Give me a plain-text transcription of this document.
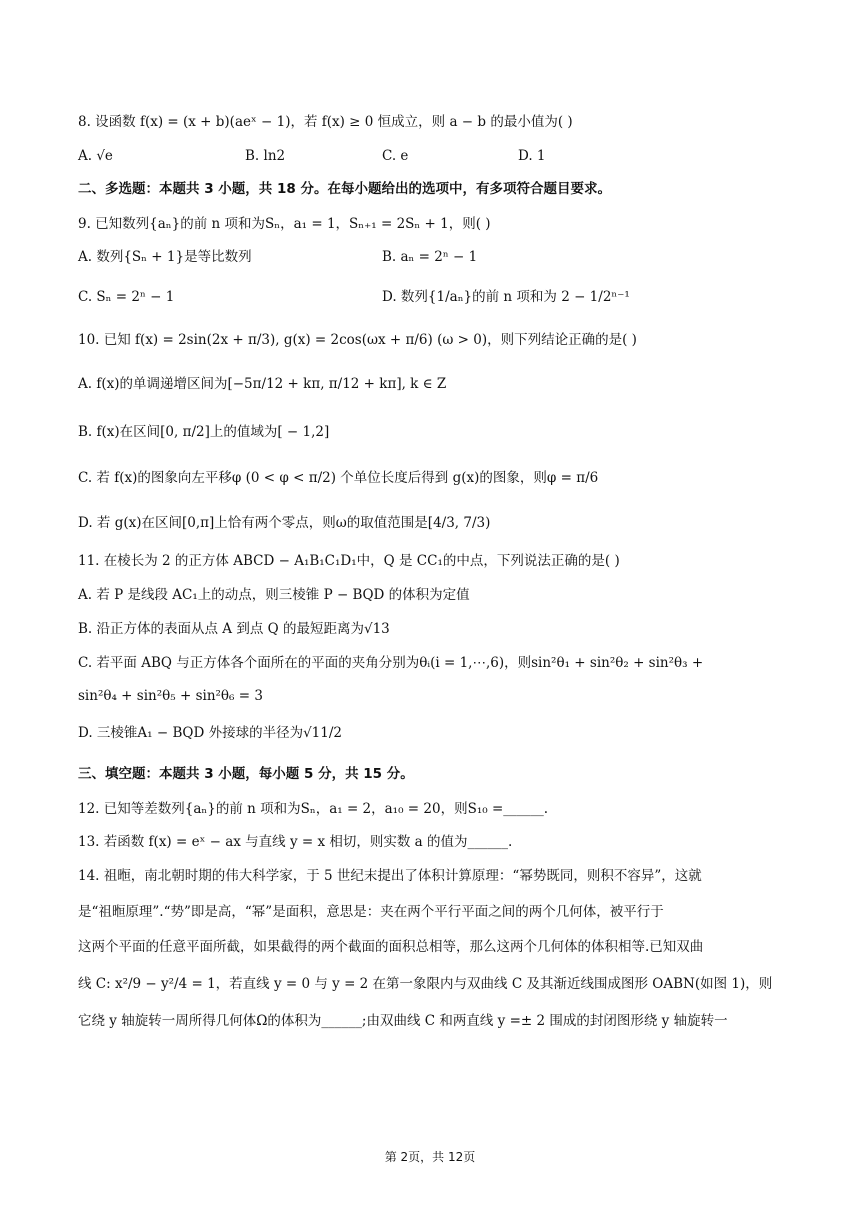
8. 设函数 f(x) = (x + b)(aeˣ − 1)，若 f(x) ≥ 0 恒成立，则 a − b 的最小值为( )
A. √e	B. ln2	C. e	D. 1
二、多选题：本题共 3 小题，共 18 分。在每小题给出的选项中，有多项符合题目要求。
9. 已知数列{aₙ}的前 n 项和为Sₙ，a₁ = 1，Sₙ₊₁ = 2Sₙ + 1，则( )
A. 数列{Sₙ + 1}是等比数列	B. aₙ = 2ⁿ − 1
C. Sₙ = 2ⁿ − 1	D. 数列{1/aₙ}的前 n 项和为 2 − 1/2ⁿ⁻¹
10. 已知 f(x) = 2sin(2x + π/3), g(x) = 2cos(ωx + π/6) (ω > 0)，则下列结论正确的是( )
A. f(x)的单调递增区间为[−5π/12 + kπ, π/12 + kπ], k ∈ Z
B. f(x)在区间[0, π/2]上的值域为[ − 1,2]
C. 若 f(x)的图象向左平移φ (0 < φ < π/2) 个单位长度后得到 g(x)的图象，则φ = π/6
D. 若 g(x)在区间[0,π]上恰有两个零点，则ω的取值范围是[4/3, 7/3)
11. 在棱长为 2 的正方体 ABCD − A₁B₁C₁D₁中，Q 是 CC₁的中点，下列说法正确的是( )
A. 若 P 是线段 AC₁上的动点，则三棱锥 P − BQD 的体积为定值
B. 沿正方体的表面从点 A 到点 Q 的最短距离为√13
C. 若平面 ABQ 与正方体各个面所在的平面的夹角分别为θᵢ(i = 1,⋯,6)，则sin²θ₁ + sin²θ₂ + sin²θ₃ +
sin²θ₄ + sin²θ₅ + sin²θ₆ = 3
D. 三棱锥A₁ − BQD 外接球的半径为√11/2
三、填空题：本题共 3 小题，每小题 5 分，共 15 分。
12. 已知等差数列{aₙ}的前 n 项和为Sₙ，a₁ = 2，a₁₀ = 20，则S₁₀ =______.
13. 若函数 f(x) = eˣ − ax 与直线 y = x 相切，则实数 a 的值为______.
14. 祖暅，南北朝时期的伟大科学家，于 5 世纪末提出了体积计算原理：“幂势既同，则积不容异”，这就
是“祖暅原理”.“势”即是高，“幂”是面积，意思是：夹在两个平行平面之间的两个几何体，被平行于
这两个平面的任意平面所截，如果截得的两个截面的面积总相等，那么这两个几何体的体积相等.已知双曲
线 C: x²/9 − y²/4 = 1，若直线 y = 0 与 y = 2 在第一象限内与双曲线 C 及其渐近线围成图形 OABN(如图 1)，则
它绕 y 轴旋转一周所得几何体Ω的体积为______;由双曲线 C 和两直线 y =± 2 围成的封闭图形绕 y 轴旋转一
第 2页，共 12页
